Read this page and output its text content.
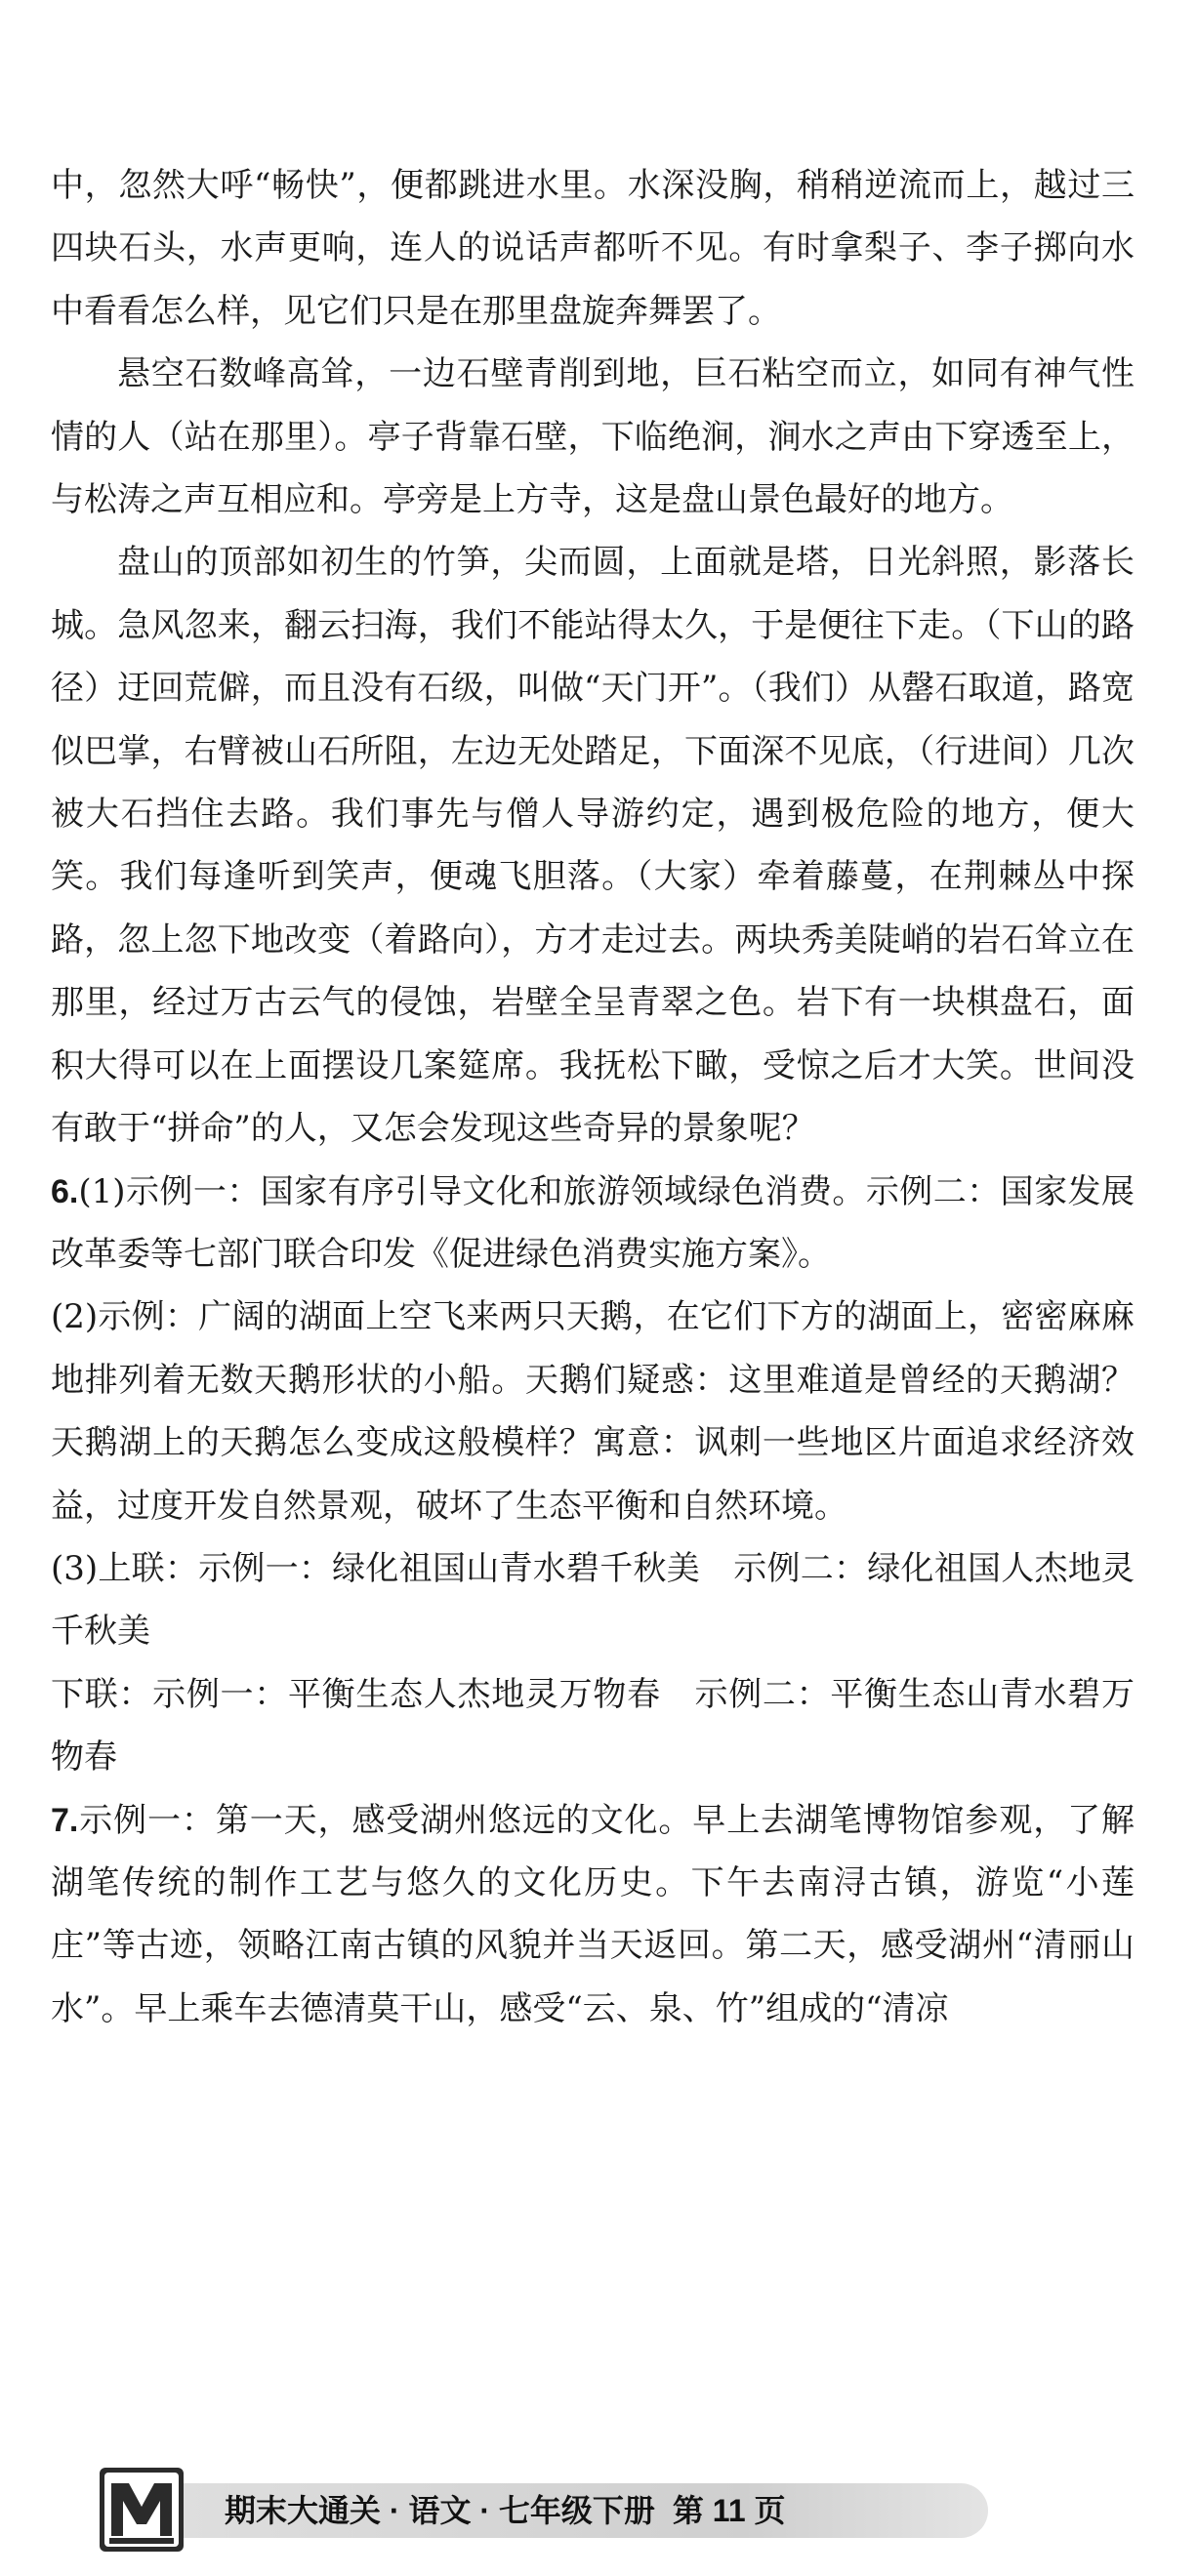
中，忽然大呼“畅快”，便都跳进水里。水深没胸，稍稍逆流而上，越过三四块石头，水声更响，连人的说话声都听不见。有时拿梨子、李子掷向水中看看怎么样，见它们只是在那里盘旋奔舞罢了。

悬空石数峰高耸，一边石壁青削到地，巨石粘空而立，如同有神气性情的人（站在那里）。亭子背靠石壁，下临绝涧，涧水之声由下穿透至上，与松涛之声互相应和。亭旁是上方寺，这是盘山景色最好的地方。

盘山的顶部如初生的竹笋，尖而圆，上面就是塔，日光斜照，影落长城。急风忽来，翻云扫海，我们不能站得太久，于是便往下走。（下山的路径）迂回荒僻，而且没有石级，叫做“天门开”。（我们）从罄石取道，路宽似巴掌，右臂被山石所阻，左边无处踏足，下面深不见底，（行进间）几次被大石挡住去路。我们事先与僧人导游约定，遇到极危险的地方，便大笑。我们每逢听到笑声，便魂飞胆落。（大家）牵着藤蔓，在荆棘丛中探路，忽上忽下地改变（着路向），方才走过去。两块秀美陡峭的岩石耸立在那里，经过万古云气的侵蚀，岩壁全呈青翠之色。岩下有一块棋盘石，面积大得可以在上面摆设几案筵席。我抚松下瞰，受惊之后才大笑。世间没有敢于“拼命”的人，又怎会发现这些奇异的景象呢？

6.(1)示例一：国家有序引导文化和旅游领域绿色消费。示例二：国家发展改革委等七部门联合印发《促进绿色消费实施方案》。

(2)示例：广阔的湖面上空飞来两只天鹅，在它们下方的湖面上，密密麻麻地排列着无数天鹅形状的小船。天鹅们疑惑：这里难道是曾经的天鹅湖？天鹅湖上的天鹅怎么变成这般模样？寓意：讽刺一些地区片面追求经济效益，过度开发自然景观，破坏了生态平衡和自然环境。

(3)上联：示例一：绿化祖国山青水碧千秋美　示例二：绿化祖国人杰地灵千秋美

下联：示例一：平衡生态人杰地灵万物春　示例二：平衡生态山青水碧万物春

7.示例一：第一天，感受湖州悠远的文化。早上去湖笔博物馆参观，了解湖笔传统的制作工艺与悠久的文化历史。下午去南浔古镇，游览“小莲庄”等古迹，领略江南古镇的风貌并当天返回。第二天，感受湖州“清丽山水”。早上乘车去德清莫干山，感受“云、泉、竹”组成的“清凉

期末大通关 · 语文 · 七年级下册 第 11 页
